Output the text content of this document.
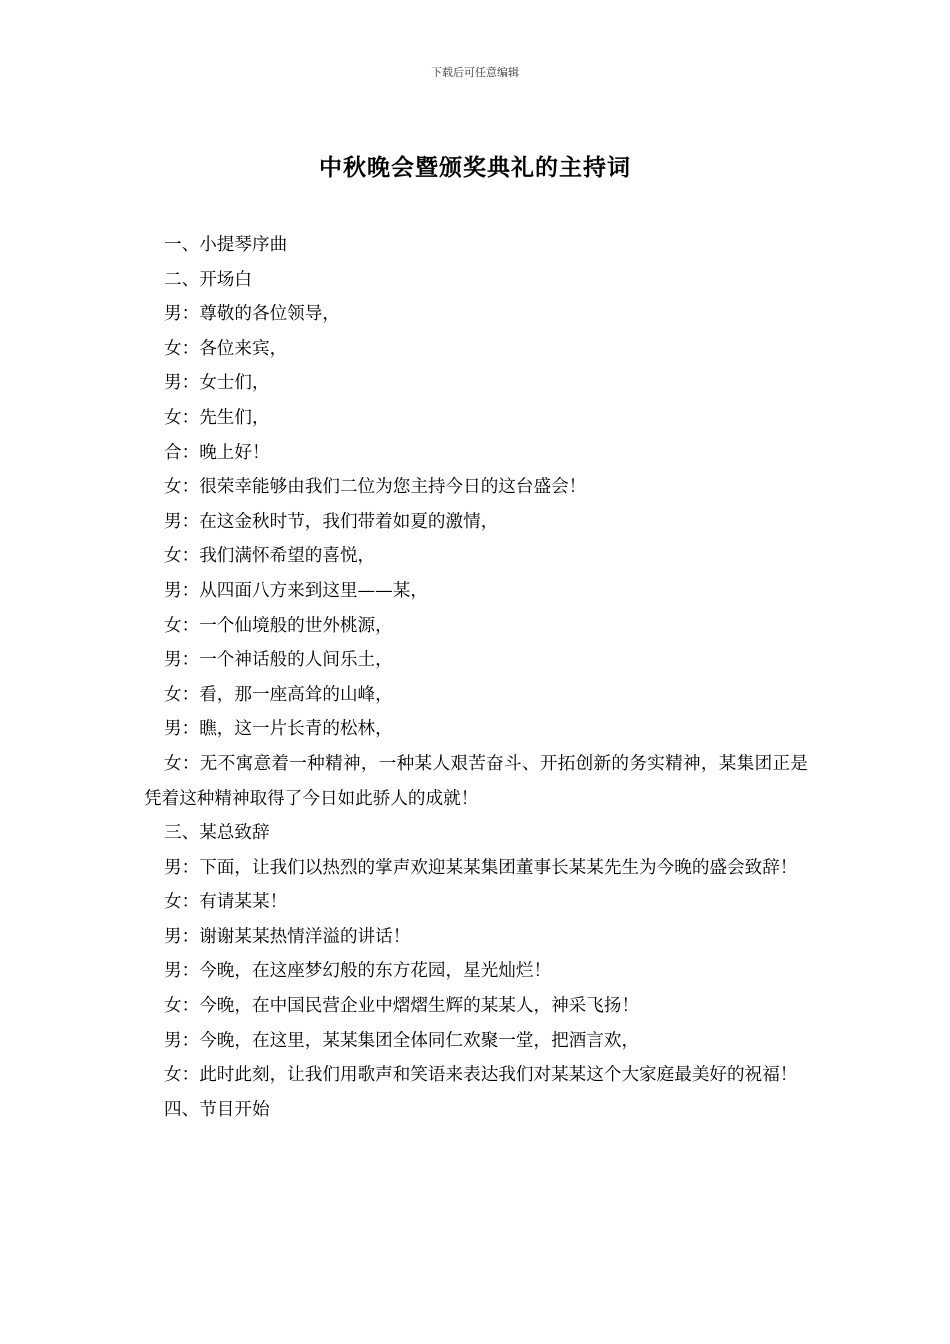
下载后可任意编辑
中秋晚会暨颁奖典礼的主持词

一、小提琴序曲

二、开场白

男：尊敬的各位领导，

女：各位来宾，

男：女士们，

女：先生们，

合：晚上好！

女：很荣幸能够由我们二位为您主持今日的这台盛会！

男：在这金秋时节，我们带着如夏的激情，

女：我们满怀希望的喜悦，

男：从四面八方来到这里——某，

女：一个仙境般的世外桃源，

男：一个神话般的人间乐土，

女：看，那一座高耸的山峰，

男：瞧，这一片长青的松林，

女：无不寓意着一种精神，一种某人艰苦奋斗、开拓创新的务实精神，某集团正是凭着这种精神取得了今日如此骄人的成就！

三、某总致辞

男：下面，让我们以热烈的掌声欢迎某某集团董事长某某先生为今晚的盛会致辞！

女：有请某某！

男：谢谢某某热情洋溢的讲话！

男：今晚，在这座梦幻般的东方花园，星光灿烂！

女：今晚，在中国民营企业中熠熠生辉的某某人，神采飞扬！

男：今晚，在这里，某某集团全体同仁欢聚一堂，把酒言欢，

女：此时此刻，让我们用歌声和笑语来表达我们对某某这个大家庭最美好的祝福！

四、节目开始
